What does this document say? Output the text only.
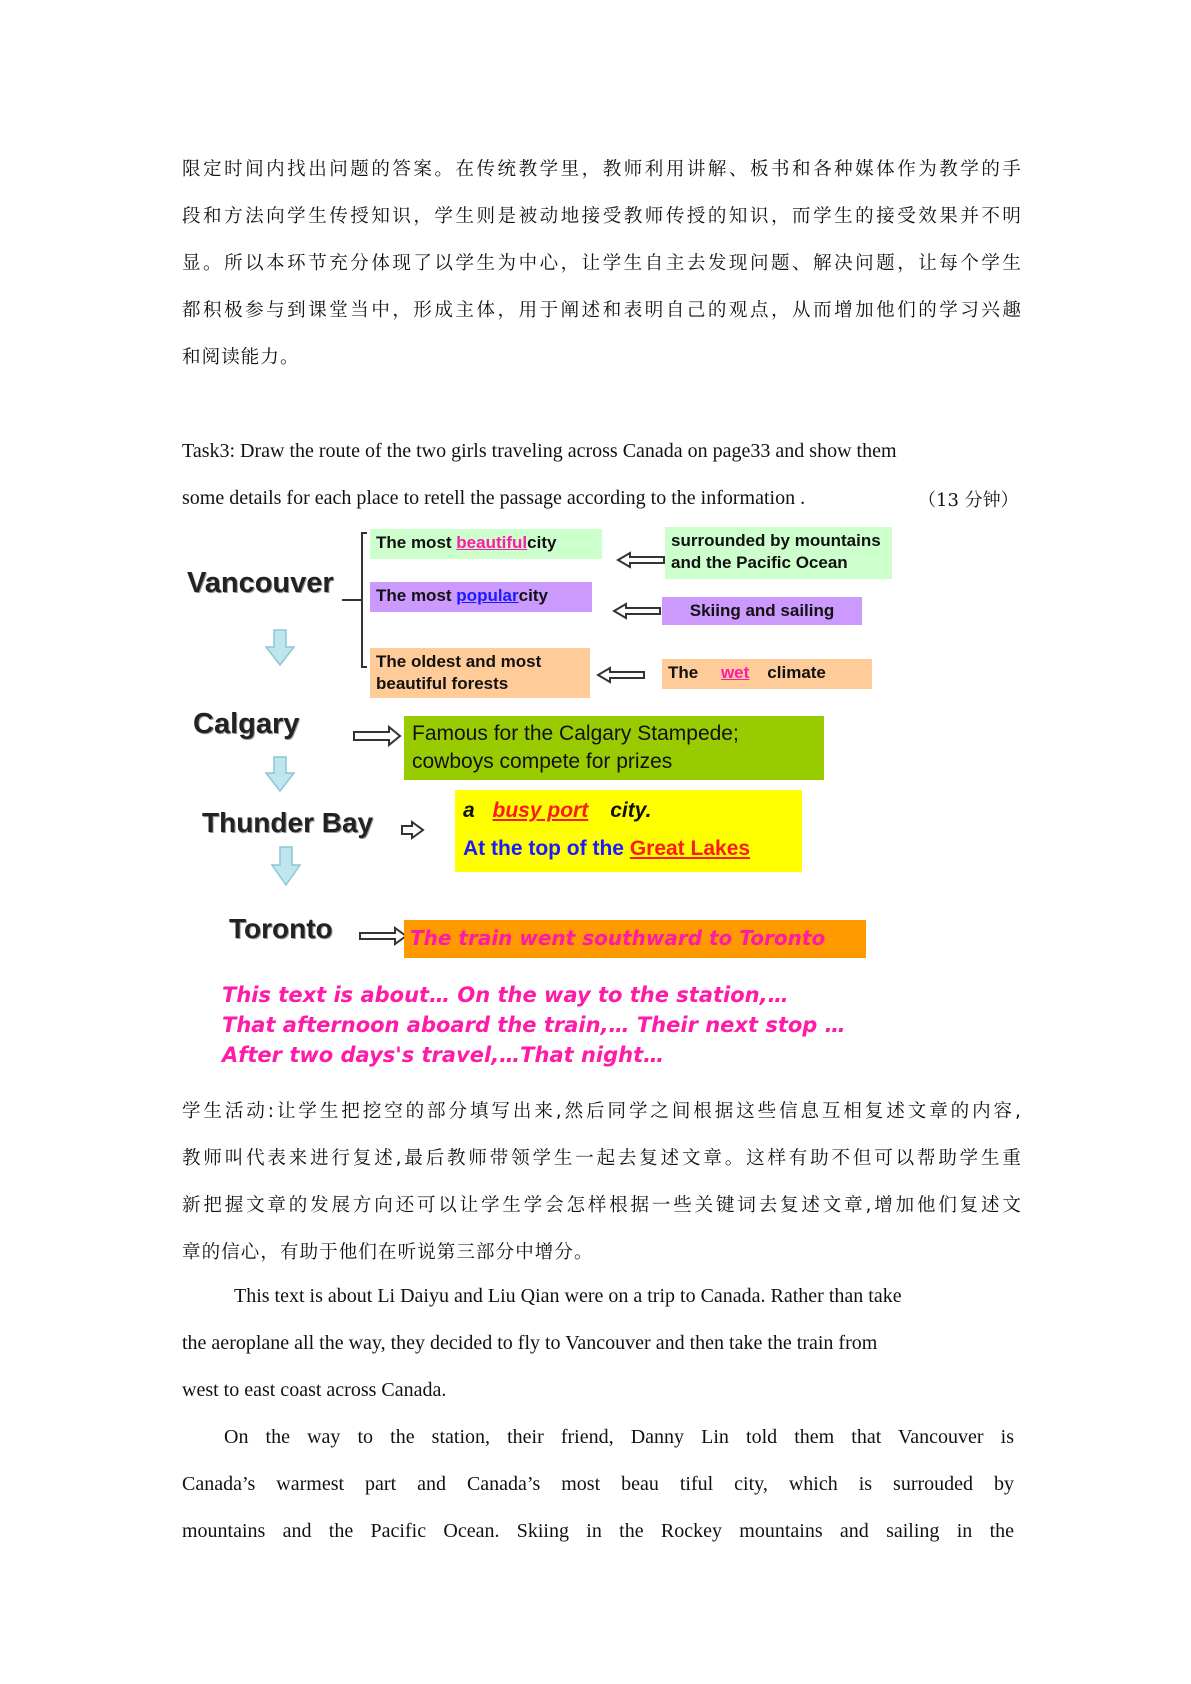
限定时间内找出问题的答案。在传统教学里，教师利用讲解、板书和各种媒体作为教学的手

段和方法向学生传授知识，学生则是被动地接受教师传授的知识，而学生的接受效果并不明

显。所以本环节充分体现了以学生为中心，让学生自主去发现问题、解决问题，让每个学生

都积极参与到课堂当中，形成主体，用于阐述和表明自己的观点，从而增加他们的学习兴趣

和阅读能力。

Task3: Draw the route of the two girls traveling across Canada on page33 and show them

some details for each place to retell the passage according to the information .	（13 分钟）
Vancouver
Calgary
Thunder Bay
Toronto
The most beautifulcity
The most popularcity
The oldest and most beautiful forests
surrounded by mountains and the Pacific Ocean
Skiing and sailing
The wet climate
Famous for the Calgary Stampede; cowboys compete for prizes
a busy port city.
At the top of the Great Lakes
The train went southward to Toronto
This text is about… On the way to the station,…
That afternoon aboard the train,… Their next stop …
After two days's travel,…That night…

学生活动:让学生把挖空的部分填写出来,然后同学之间根据这些信息互相复述文章的内容,

教师叫代表来进行复述,最后教师带领学生一起去复述文章。这样有助不但可以帮助学生重

新把握文章的发展方向还可以让学生学会怎样根据一些关键词去复述文章,增加他们复述文

章的信心，有助于他们在听说第三部分中增分。

This text is about Li Daiyu and Liu Qian were on a trip to Canada. Rather than take

the aeroplane all the way, they decided to fly to Vancouver and then take the train from

west to east coast across Canada.

On the way to the station, their friend, Danny Lin told them that Vancouver is

Canada’s warmest part and Canada’s most beau tiful city, which is surrouded by

mountains and the Pacific Ocean. Skiing in the Rockey mountains and sailing in the
